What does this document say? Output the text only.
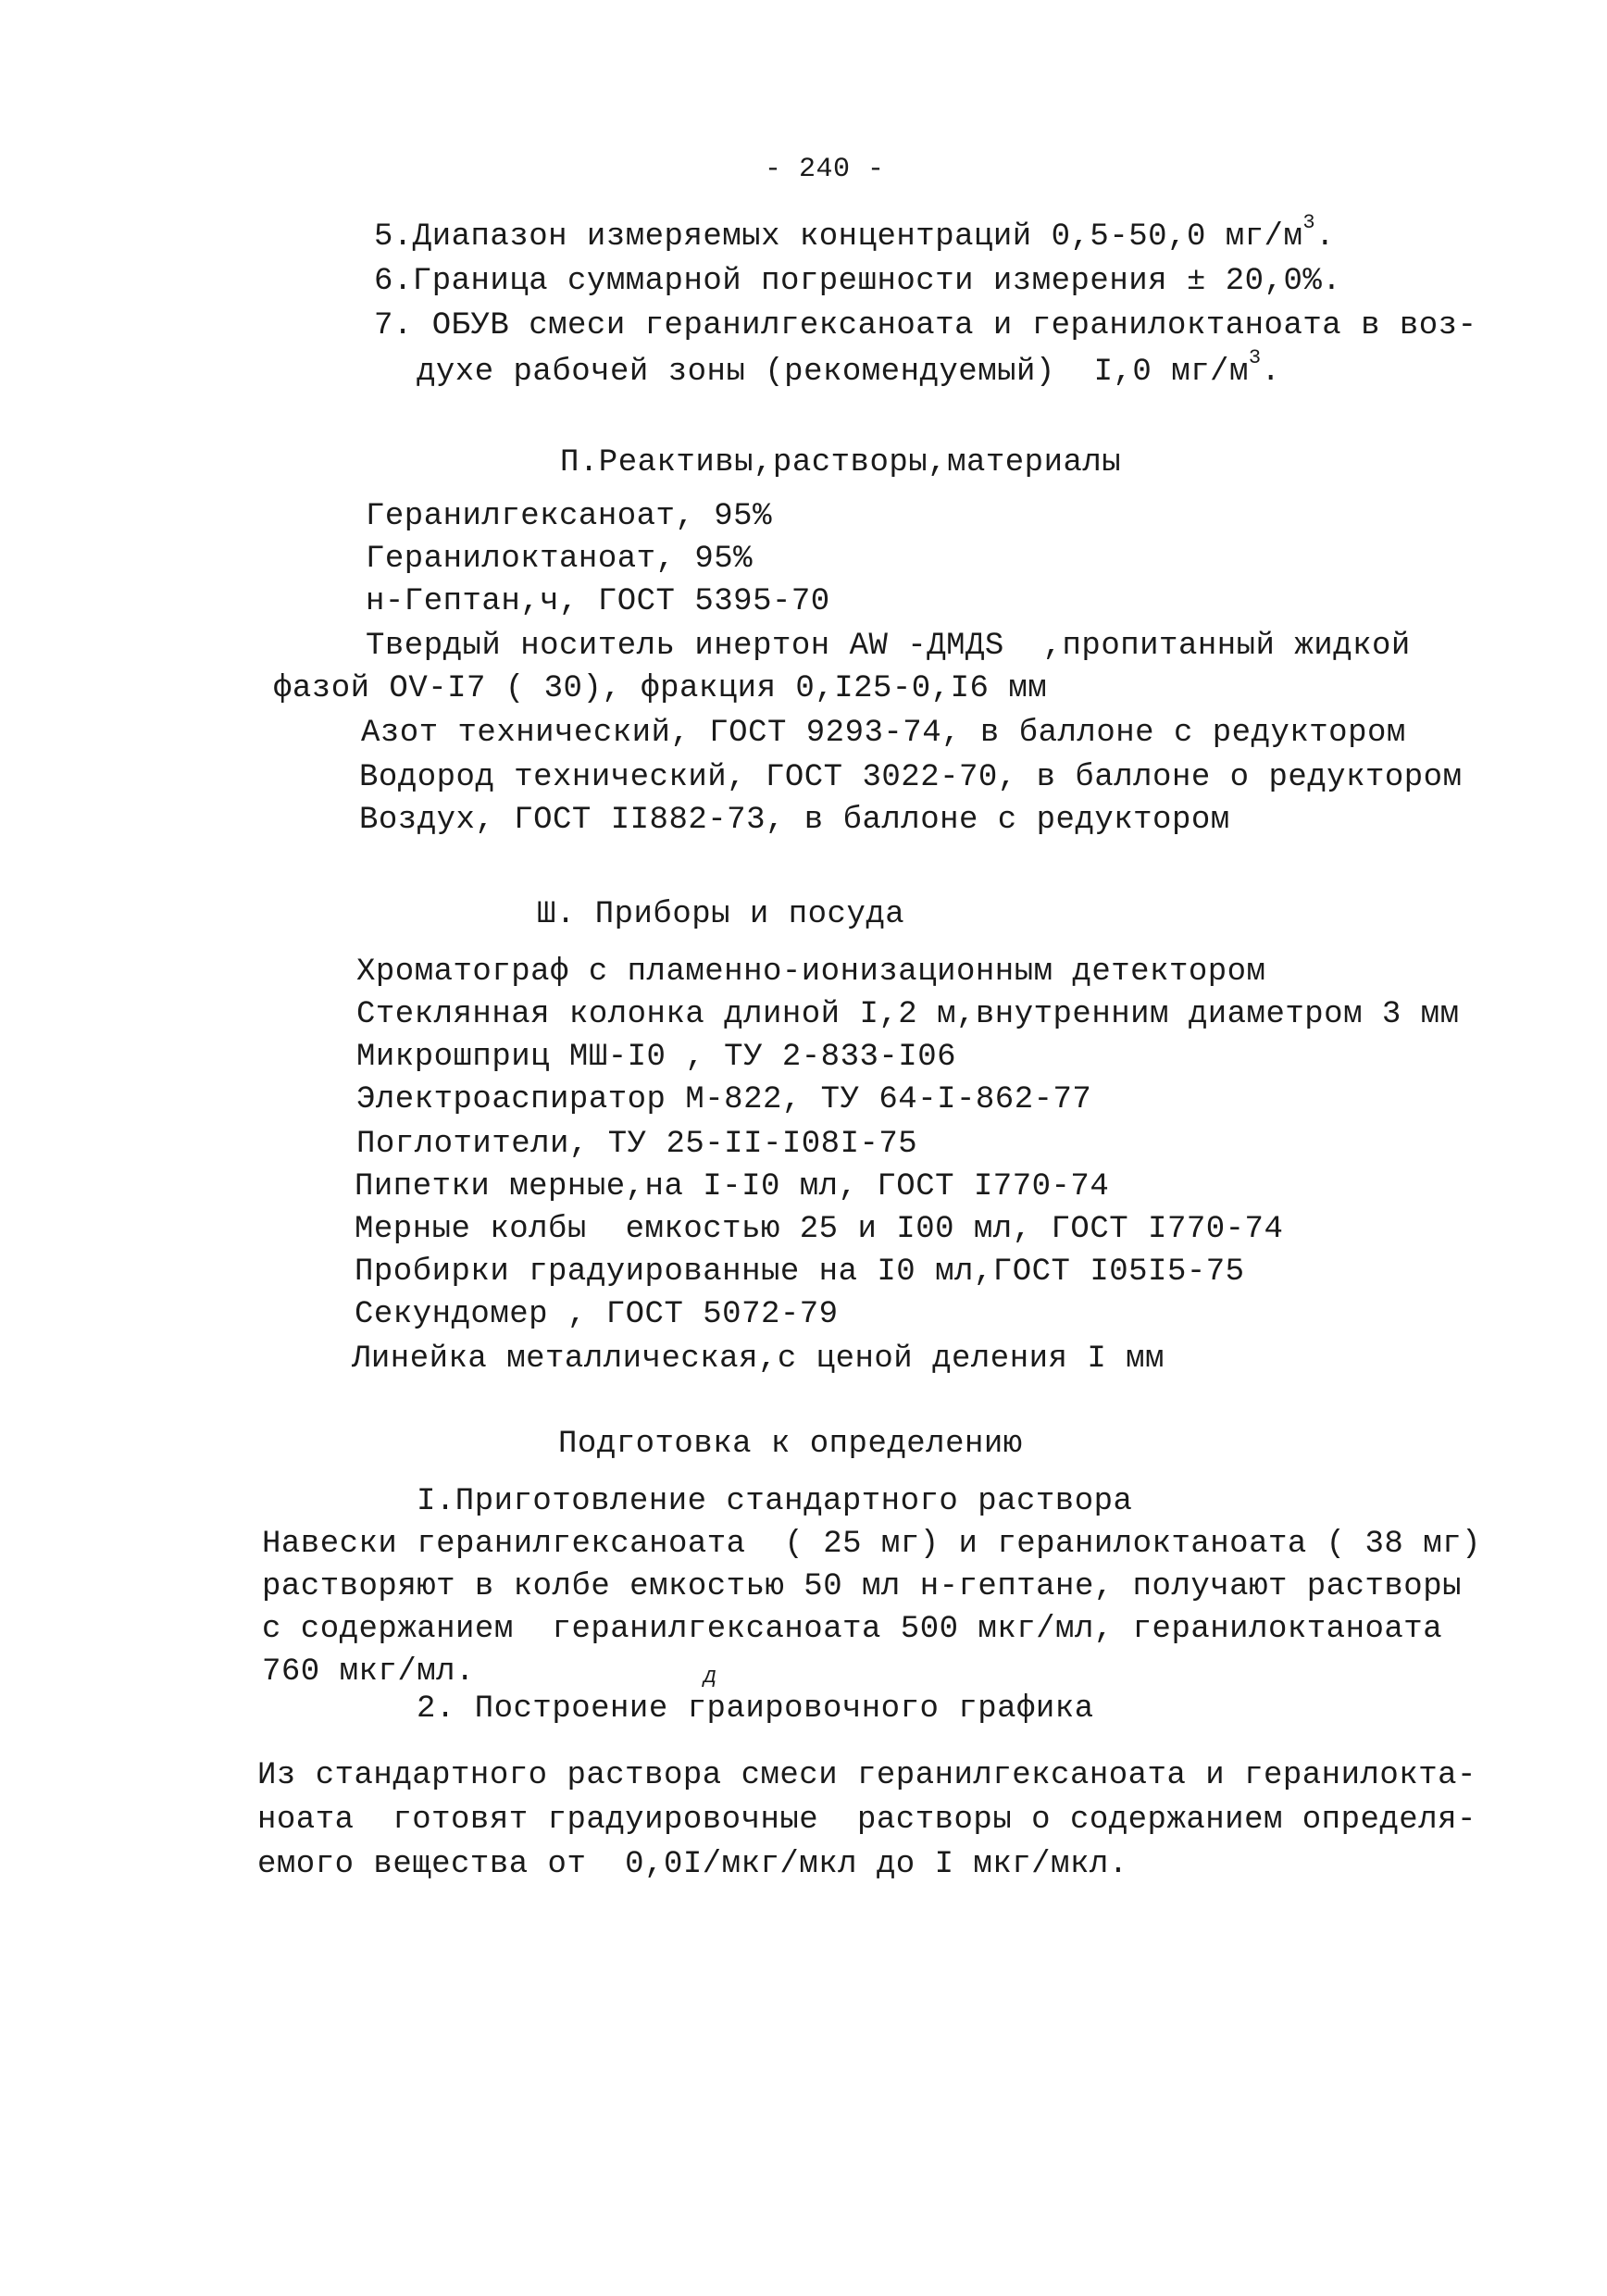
- 240 -
5.Диапазон измеряемых концентраций 0,5-50,0 $мг/м^3$.
6.Граница суммарной погрешности измерения ± 20,0%.
7. ОБУВ смеси геранилгексаноата и геранилоктаноата в воз-
духе рабочей зоны (рекомендуемый)  I,0 $мг/м^3$.
П.Реактивы,растворы,материалы
Геранилгексаноат, 95%
Геранилоктаноат, 95%
н-Гептан,ч, ГОСТ 5395-70
Твердый носитель инертон AW -ДМДS  ,пропитанный жидкой
фазой OV-I7 ( 30), фракция 0,I25-0,I6 мм
Азот технический, ГОСТ 9293-74, в баллоне с редуктором
Водород технический, ГОСТ 3022-70, в баллоне о редуктором
Воздух, ГОСТ II882-73, в баллоне с редуктором
Ш. Приборы и посуда
Хроматограф с пламенно-ионизационным детектором
Стеклянная колонка длиной I,2 м,внутренним диаметром 3 мм
Микрошприц МШ-I0 , ТУ 2-833-I06
Электроаспиратор М-822, ТУ 64-I-862-77
Поглотители, ТУ 25-II-I08I-75
Пипетки мерные,на I-I0 мл, ГОСТ I770-74
Мерные колбы  емкостью 25 и I00 мл, ГОСТ I770-74
Пробирки градуированные на I0 мл,ГОСТ I05I5-75
Секундомер , ГОСТ 5072-79
Линейка металлическая,с ценой деления I мм
Подготовка к определению
I.Приготовление стандартного раствора
Навески геранилгексаноата  ( 25 мг) и геранилоктаноата ( 38 мг)
растворяют в колбе емкостью 50 мл н-гептане, получают растворы
с содержанием  геранилгексаноата 500 мкг/мл, геранилоктаноата
760 мкг/мл.	д
2. Построение граировочного графика
Из стандартного раствора смеси геранилгексаноата и геранилокта-
ноата  готовят градуировочные  растворы о содержанием определя-
емого вещества от  0,0I/мкг/мкл до I мкг/мкл.
